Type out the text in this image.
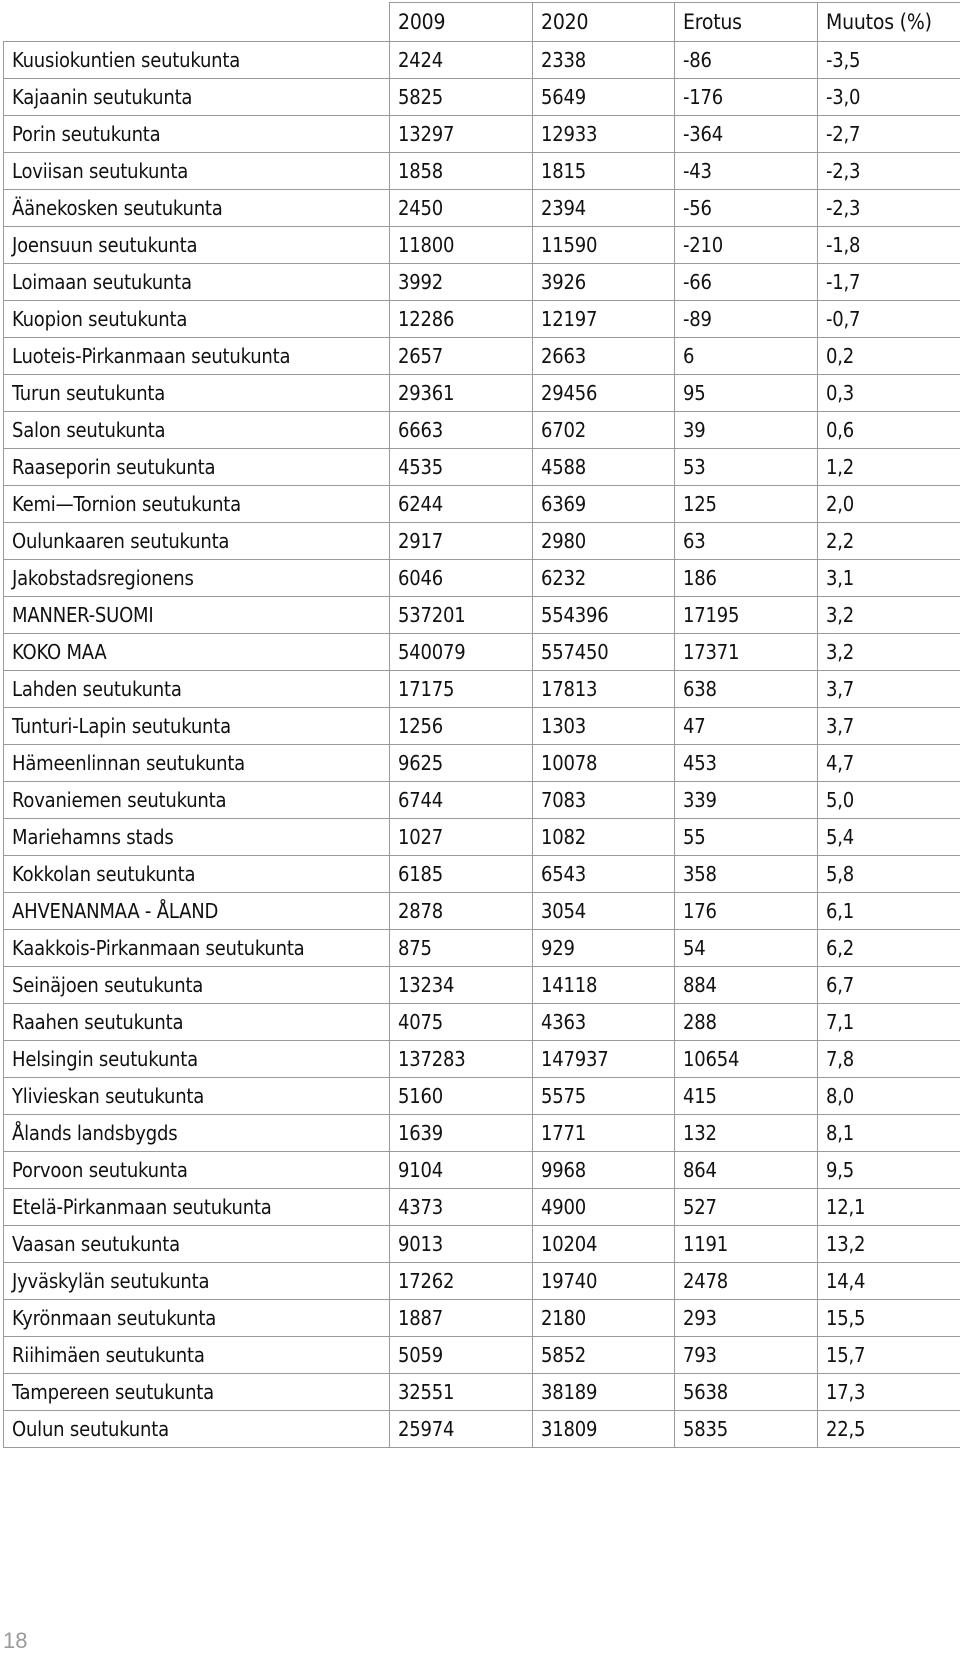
	2009	2020	Erotus	Muutos (%)
Kuusiokuntien seutukunta	2424	2338	-86	-3,5
Kajaanin seutukunta	5825	5649	-176	-3,0
Porin seutukunta	13297	12933	-364	-2,7
Loviisan seutukunta	1858	1815	-43	-2,3
Äänekosken seutukunta	2450	2394	-56	-2,3
Joensuun seutukunta	11800	11590	-210	-1,8
Loimaan seutukunta	3992	3926	-66	-1,7
Kuopion seutukunta	12286	12197	-89	-0,7
Luoteis-Pirkanmaan seutukunta	2657	2663	6	0,2
Turun seutukunta	29361	29456	95	0,3
Salon seutukunta	6663	6702	39	0,6
Raaseporin seutukunta	4535	4588	53	1,2
Kemi—Tornion seutukunta	6244	6369	125	2,0
Oulunkaaren seutukunta	2917	2980	63	2,2
Jakobstadsregionens	6046	6232	186	3,1
MANNER-SUOMI	537201	554396	17195	3,2
KOKO MAA	540079	557450	17371	3,2
Lahden seutukunta	17175	17813	638	3,7
Tunturi-Lapin seutukunta	1256	1303	47	3,7
Hämeenlinnan seutukunta	9625	10078	453	4,7
Rovaniemen seutukunta	6744	7083	339	5,0
Mariehamns stads	1027	1082	55	5,4
Kokkolan seutukunta	6185	6543	358	5,8
AHVENANMAA - ÅLAND	2878	3054	176	6,1
Kaakkois-Pirkanmaan seutukunta	875	929	54	6,2
Seinäjoen seutukunta	13234	14118	884	6,7
Raahen seutukunta	4075	4363	288	7,1
Helsingin seutukunta	137283	147937	10654	7,8
Ylivieskan seutukunta	5160	5575	415	8,0
Ålands landsbygds	1639	1771	132	8,1
Porvoon seutukunta	9104	9968	864	9,5
Etelä-Pirkanmaan seutukunta	4373	4900	527	12,1
Vaasan seutukunta	9013	10204	1191	13,2
Jyväskylän seutukunta	17262	19740	2478	14,4
Kyrönmaan seutukunta	1887	2180	293	15,5
Riihimäen seutukunta	5059	5852	793	15,7
Tampereen seutukunta	32551	38189	5638	17,3
Oulun seutukunta	25974	31809	5835	22,5
18
